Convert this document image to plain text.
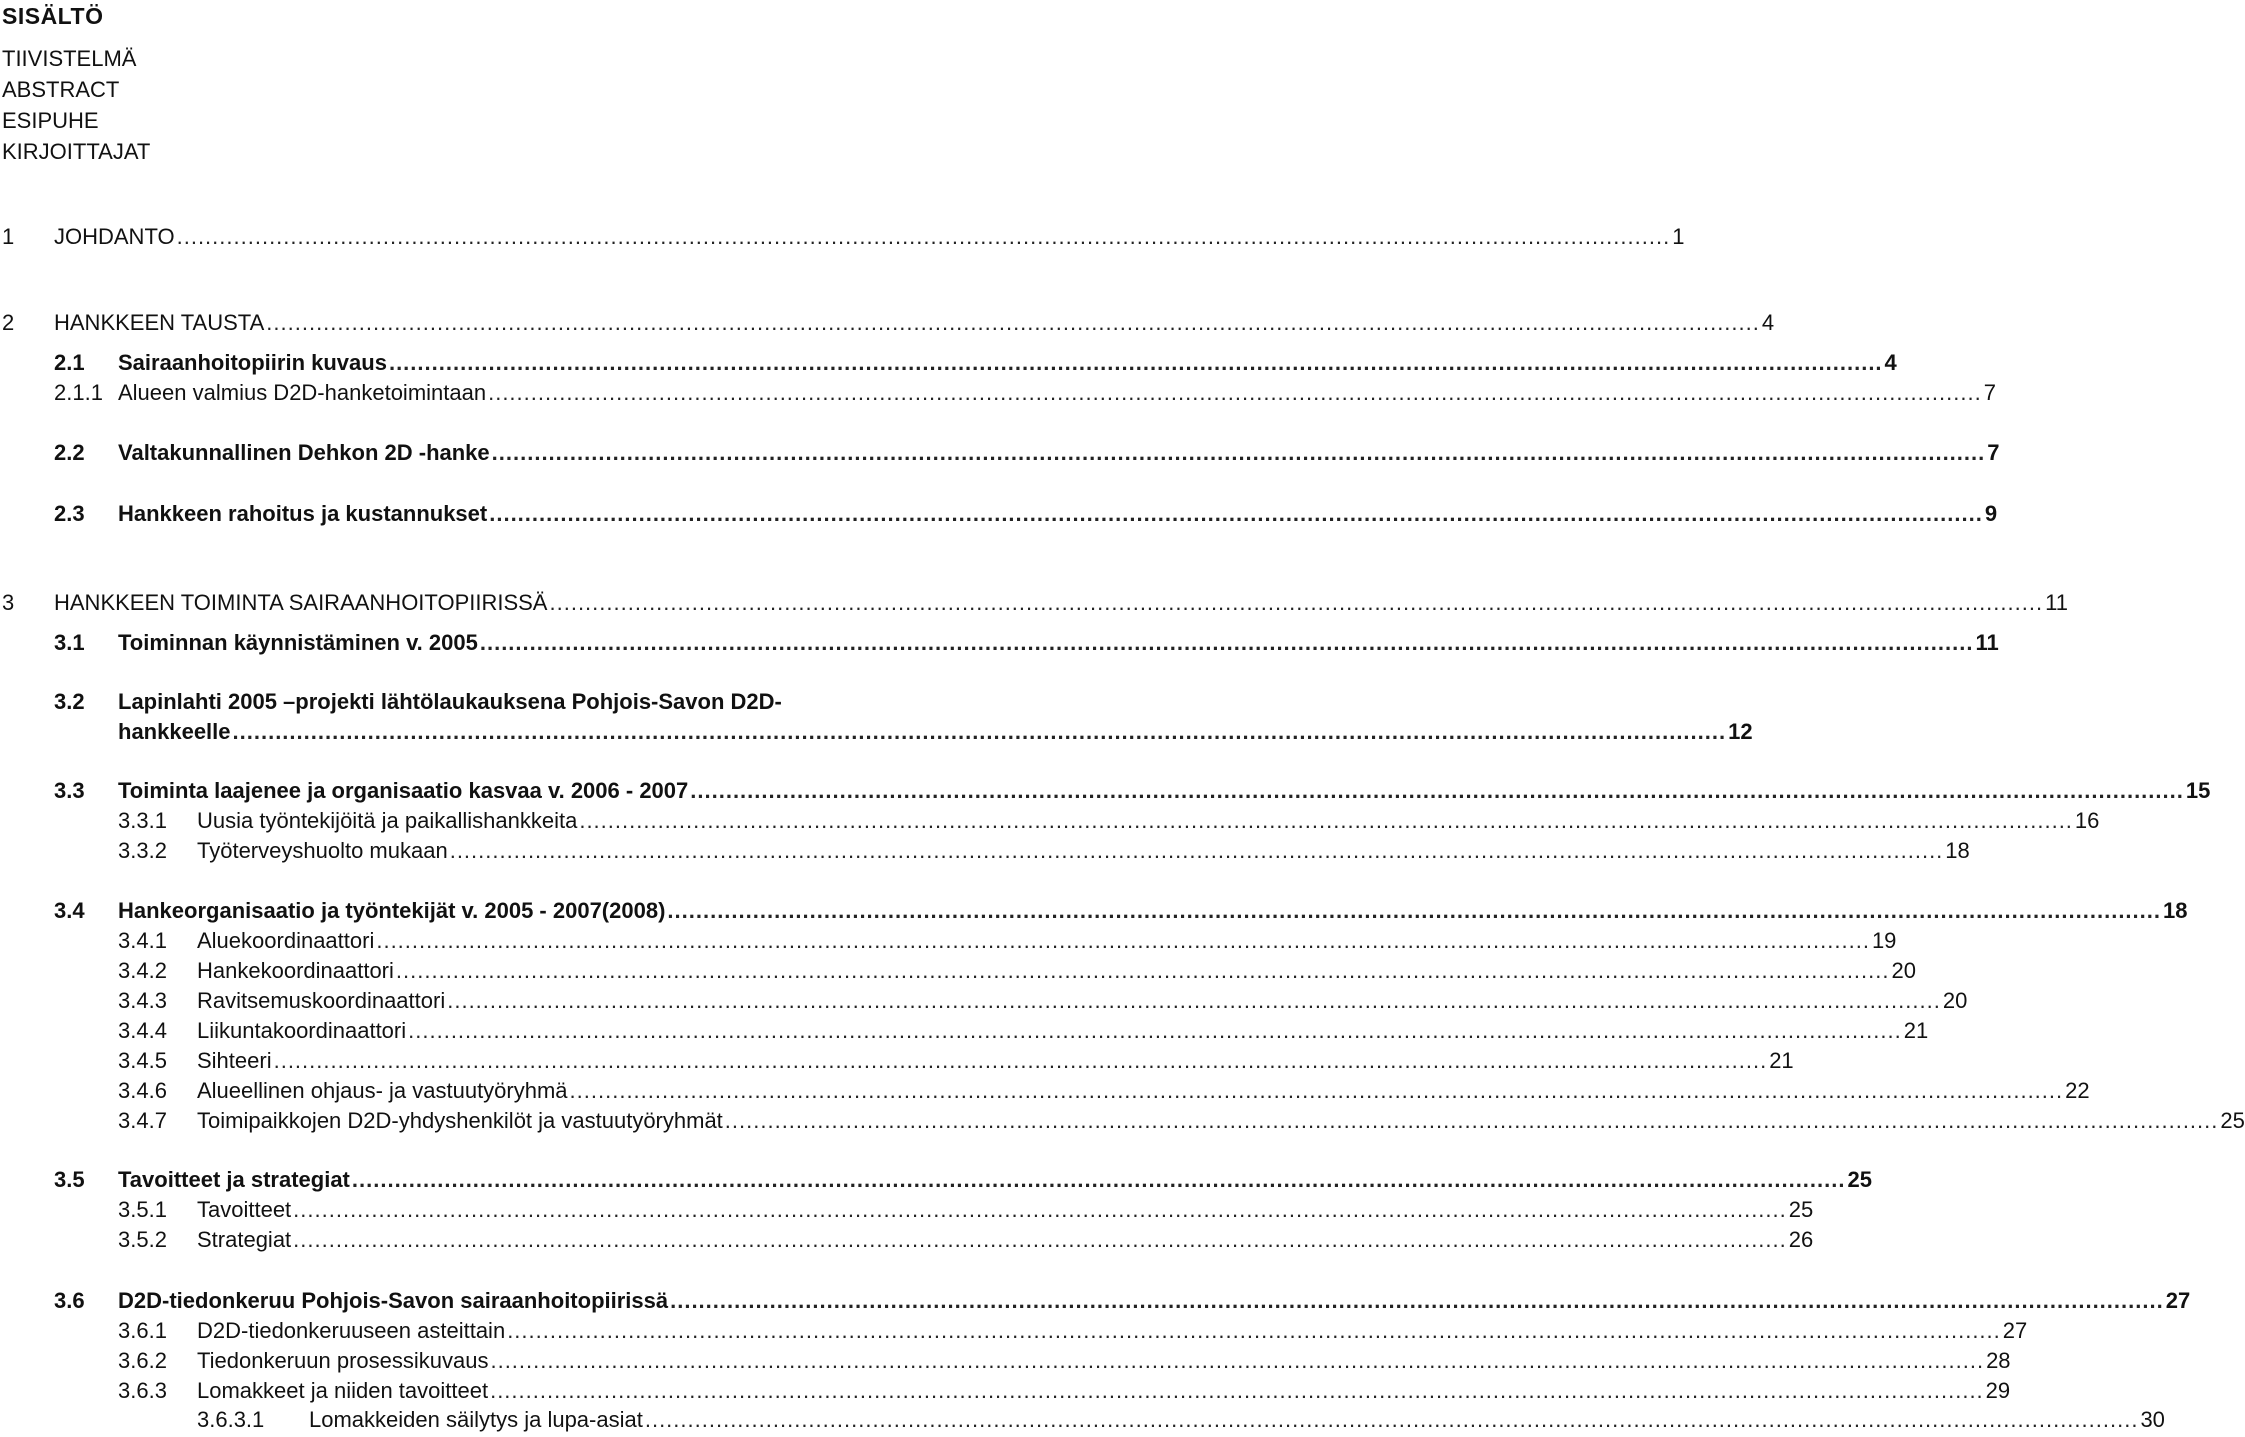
SISÄLTÖ
TIIVISTELMÄ
ABSTRACT
ESIPUHE
KIRJOITTAJAT
1 JOHDANTO .................................................................................................................................................................................................................. 1
2 HANKKEEN TAUSTA .................................................................................................................................................................................................................. 4
2.1 Sairaanhoitopiirin kuvaus .................................................................................................................................................................................................................. 4
2.1.1 Alueen valmius D2D-hanketoimintaan .................................................................................................................................................................................................................. 7
2.2 Valtakunnallinen Dehkon 2D -hanke .................................................................................................................................................................................................................. 7
2.3 Hankkeen rahoitus ja kustannukset .................................................................................................................................................................................................................. 9
3 HANKKEEN TOIMINTA SAIRAANHOITOPIIRISSÄ .................................................................................................................................................................................................................. 11
3.1 Toiminnan käynnistäminen v. 2005 .................................................................................................................................................................................................................. 11
3.2 Lapinlahti 2005 –projekti lähtölaukauksena Pohjois-Savon D2D-
hankkeelle .................................................................................................................................................................................................................. 12
3.3 Toiminta laajenee ja organisaatio kasvaa v. 2006 - 2007 .................................................................................................................................................................................................................. 15
3.3.1 Uusia työntekijöitä ja paikallishankkeita .................................................................................................................................................................................................................. 16
3.3.2 Työterveyshuolto mukaan .................................................................................................................................................................................................................. 18
3.4 Hankeorganisaatio ja työntekijät v. 2005 - 2007(2008) .................................................................................................................................................................................................................. 18
3.4.1 Aluekoordinaattori .................................................................................................................................................................................................................. 19
3.4.2 Hankekoordinaattori .................................................................................................................................................................................................................. 20
3.4.3 Ravitsemuskoordinaattori .................................................................................................................................................................................................................. 20
3.4.4 Liikuntakoordinaattori .................................................................................................................................................................................................................. 21
3.4.5 Sihteeri .................................................................................................................................................................................................................. 21
3.4.6 Alueellinen ohjaus- ja vastuutyöryhmä .................................................................................................................................................................................................................. 22
3.4.7 Toimipaikkojen D2D-yhdyshenkilöt ja vastuutyöryhmät .................................................................................................................................................................................................................. 25
3.5 Tavoitteet ja strategiat .................................................................................................................................................................................................................. 25
3.5.1 Tavoitteet .................................................................................................................................................................................................................. 25
3.5.2 Strategiat .................................................................................................................................................................................................................. 26
3.6 D2D-tiedonkeruu Pohjois-Savon sairaanhoitopiirissä .................................................................................................................................................................................................................. 27
3.6.1 D2D-tiedonkeruuseen asteittain .................................................................................................................................................................................................................. 27
3.6.2 Tiedonkeruun prosessikuvaus .................................................................................................................................................................................................................. 28
3.6.3 Lomakkeet ja niiden tavoitteet .................................................................................................................................................................................................................. 29
3.6.3.1 Lomakkeiden säilytys ja lupa-asiat .................................................................................................................................................................................................................. 30
